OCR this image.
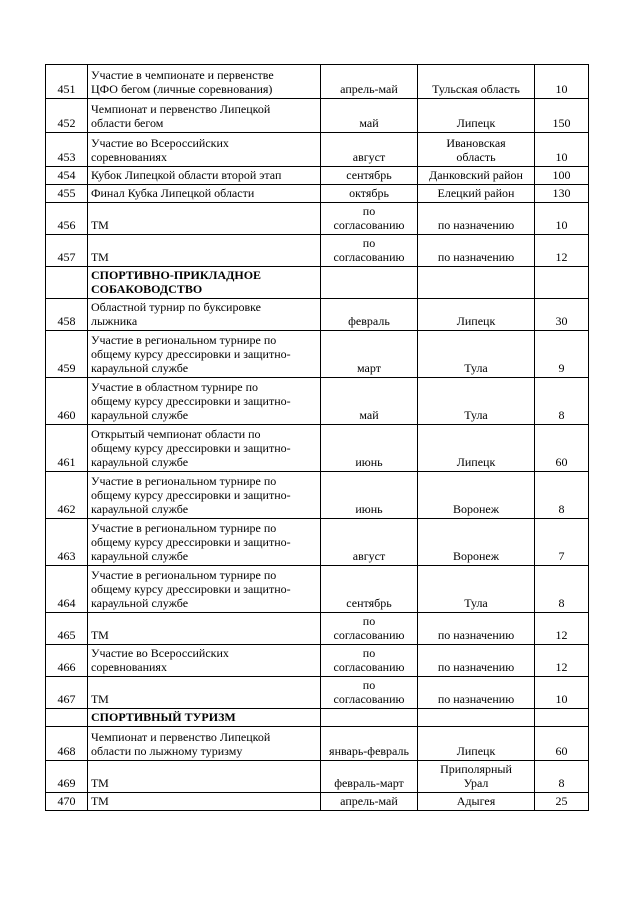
451	Участие в чемпионате и первенстве
ЦФО бегом (личные соревнования)	апрель-май	Тульская область	10
452	Чемпионат и первенство Липецкой
области бегом	май	Липецк	150
453	Участие во Всероссийских
соревнованиях	август	Ивановская
область	10
454	Кубок Липецкой области второй этап	сентябрь	Данковский район	100
455	Финал Кубка Липецкой области	октябрь	Елецкий район	130
456	ТМ	по
согласованию	по назначению	10
457	ТМ	по
согласованию	по назначению	12
	СПОРТИВНО-ПРИКЛАДНОЕ
СОБАКОВОДСТВО			
458	Областной турнир по буксировке
лыжника	февраль	Липецк	30
459	Участие в региональном турнире по
общему курсу дрессировки и защитно-
караульной службе	март	Тула	9
460	Участие в областном турнире по
общему курсу дрессировки и защитно-
караульной службе	май	Тула	8
461	Открытый чемпионат области по
общему курсу дрессировки и защитно-
караульной службе	июнь	Липецк	60
462	Участие в региональном турнире по
общему курсу дрессировки и защитно-
караульной службе	июнь	Воронеж	8
463	Участие в региональном турнире по
общему курсу дрессировки и защитно-
караульной службе	август	Воронеж	7
464	Участие в региональном турнире по
общему курсу дрессировки и защитно-
караульной службе	сентябрь	Тула	8
465	ТМ	по
согласованию	по назначению	12
466	Участие во Всероссийских
соревнованиях	по
согласованию	по назначению	12
467	ТМ	по
согласованию	по назначению	10
	СПОРТИВНЫЙ ТУРИЗМ			
468	Чемпионат и первенство Липецкой
области по лыжному туризму	январь-февраль	Липецк	60
469	ТМ	февраль-март	Приполярный
Урал	8
470	ТМ	апрель-май	Адыгея	25
